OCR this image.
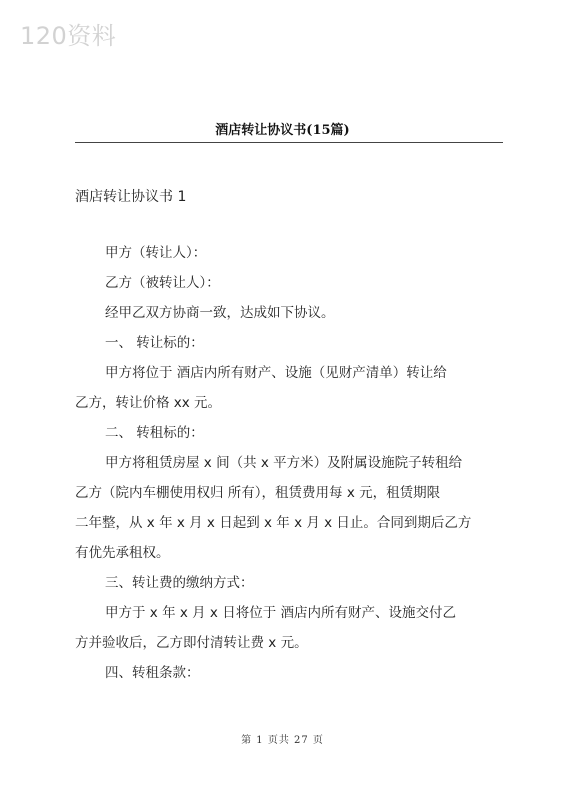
120资料
酒店转让协议书(15篇)
酒店转让协议书 1
甲方（转让人）：
乙方（被转让人）：
经甲乙双方协商一致，达成如下协议。
一、 转让标的：
甲方将位于 酒店内所有财产、设施（见财产清单）转让给
乙方，转让价格 xx 元。
二、 转租标的：
甲方将租赁房屋 x 间（共 x 平方米）及附属设施院子转租给
乙方（院内车棚使用权归 所有），租赁费用每 x 元，租赁期限
二年整，从 x 年 x 月 x 日起到 x 年 x 月 x 日止。合同到期后乙方
有优先承租权。
三、转让费的缴纳方式：
甲方于 x 年 x 月 x 日将位于 酒店内所有财产、设施交付乙
方并验收后，乙方即付清转让费 x 元。
四、转租条款：
第 1 页共 27 页
